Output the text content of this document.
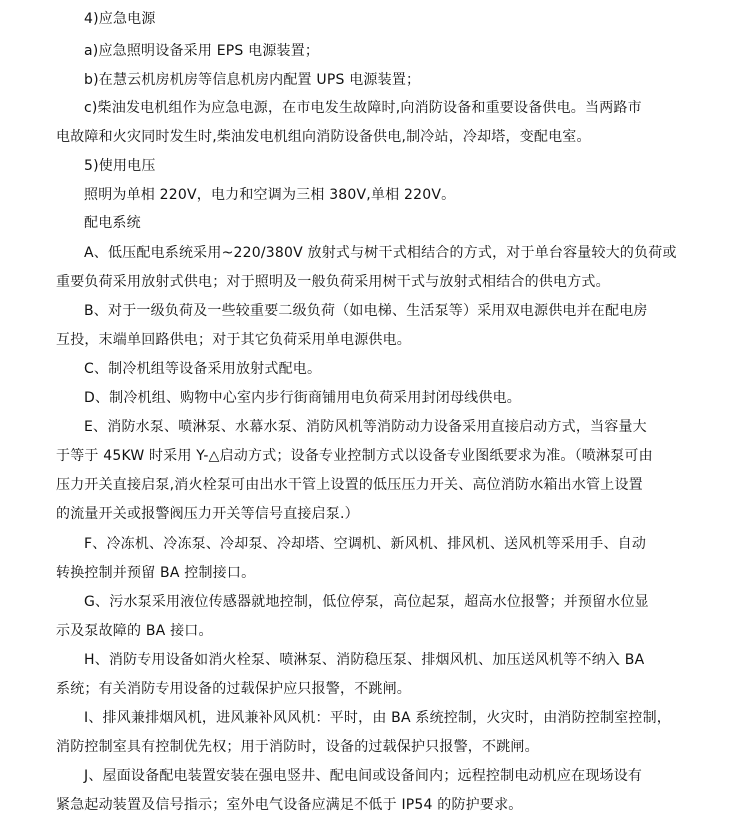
4)应急电源
a)应急照明设备采用 EPS 电源装置；
b)在慧云机房机房等信息机房内配置 UPS 电源装置；
c)柴油发电机组作为应急电源，在市电发生故障时,向消防设备和重要设备供电。当两路市
电故障和火灾同时发生时,柴油发电机组向消防设备供电,制冷站，冷却塔，变配电室。
5)使用电压
照明为单相 220V，电力和空调为三相 380V,单相 220V。
配电系统
A、低压配电系统采用~220/380V 放射式与树干式相结合的方式，对于单台容量较大的负荷或
重要负荷采用放射式供电；对于照明及一般负荷采用树干式与放射式相结合的供电方式。
B、对于一级负荷及一些较重要二级负荷（如电梯、生活泵等）采用双电源供电并在配电房
互投，末端单回路供电；对于其它负荷采用单电源供电。
C、制冷机组等设备采用放射式配电。
D、制冷机组、购物中心室内步行街商铺用电负荷采用封闭母线供电。
E、消防水泵、喷淋泵、水幕水泵、消防风机等消防动力设备采用直接启动方式，当容量大
于等于 45KW 时采用 Y-△启动方式；设备专业控制方式以设备专业图纸要求为准。（喷淋泵可由
压力开关直接启泵,消火栓泵可由出水干管上设置的低压压力开关、高位消防水箱出水管上设置
的流量开关或报警阀压力开关等信号直接启泵.）
F、冷冻机、冷冻泵、冷却泵、冷却塔、空调机、新风机、排风机、送风机等采用手、自动
转换控制并预留 BA 控制接口。
G、污水泵采用液位传感器就地控制，低位停泵，高位起泵，超高水位报警；并预留水位显
示及泵故障的 BA 接口。
H、消防专用设备如消火栓泵、喷淋泵、消防稳压泵、排烟风机、加压送风机等不纳入 BA
系统；有关消防专用设备的过载保护应只报警，不跳闸。
I、排风兼排烟风机，进风兼补风风机：平时，由 BA 系统控制，火灾时，由消防控制室控制，
消防控制室具有控制优先权；用于消防时，设备的过载保护只报警，不跳闸。
J、屋面设备配电装置安装在强电竖井、配电间或设备间内；远程控制电动机应在现场设有
紧急起动装置及信号指示；室外电气设备应满足不低于 IP54 的防护要求。
